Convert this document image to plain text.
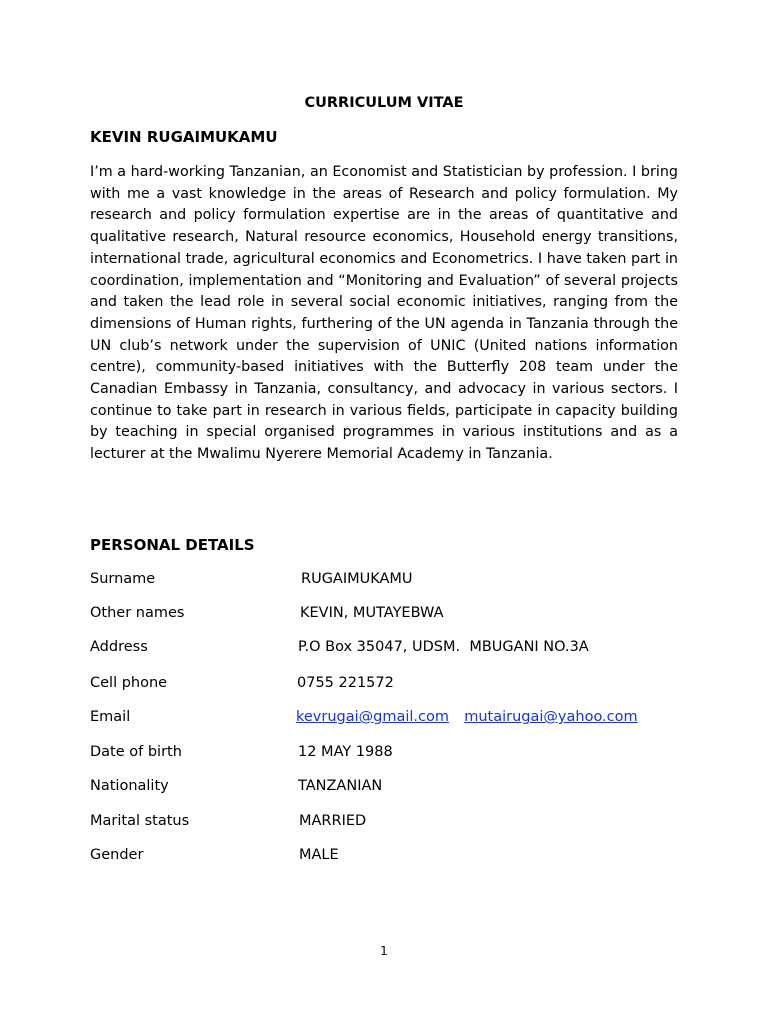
CURRICULUM VITAE
KEVIN RUGAIMUKAMU

I’m a hard-working Tanzanian, an Economist and Statistician by profession. I bring with me a vast knowledge in the areas of Research and policy formulation. My research and policy formulation expertise are in the areas of quantitative and qualitative research, Natural resource economics, Household energy transitions, international trade, agricultural economics and Econometrics. I have taken part in coordination, implementation and “Monitoring and Evaluation” of several projects and taken the lead role in several social economic initiatives, ranging from the dimensions of Human rights, furthering of the UN agenda in Tanzania through the UN club’s network under the supervision of UNIC (United nations information centre), community-based initiatives with the Butterfly 208 team under the Canadian Embassy in Tanzania, consultancy, and advocacy in various sectors. I continue to take part in research in various fields, participate in capacity building by teaching in special organised programmes in various institutions and as a lecturer at the Mwalimu Nyerere Memorial Academy in Tanzania.

PERSONAL DETAILS
Surname	RUGAIMUKAMU
Other names	KEVIN, MUTAYEBWA
Address	P.O Box 35047, UDSM.  MBUGANI NO.3A
Cell phone	0755 221572
Email	kevrugai@gmail.com mutairugai@yahoo.com
Date of birth	12 MAY 1988
Nationality	TANZANIAN
Marital status	MARRIED
Gender	MALE
1
